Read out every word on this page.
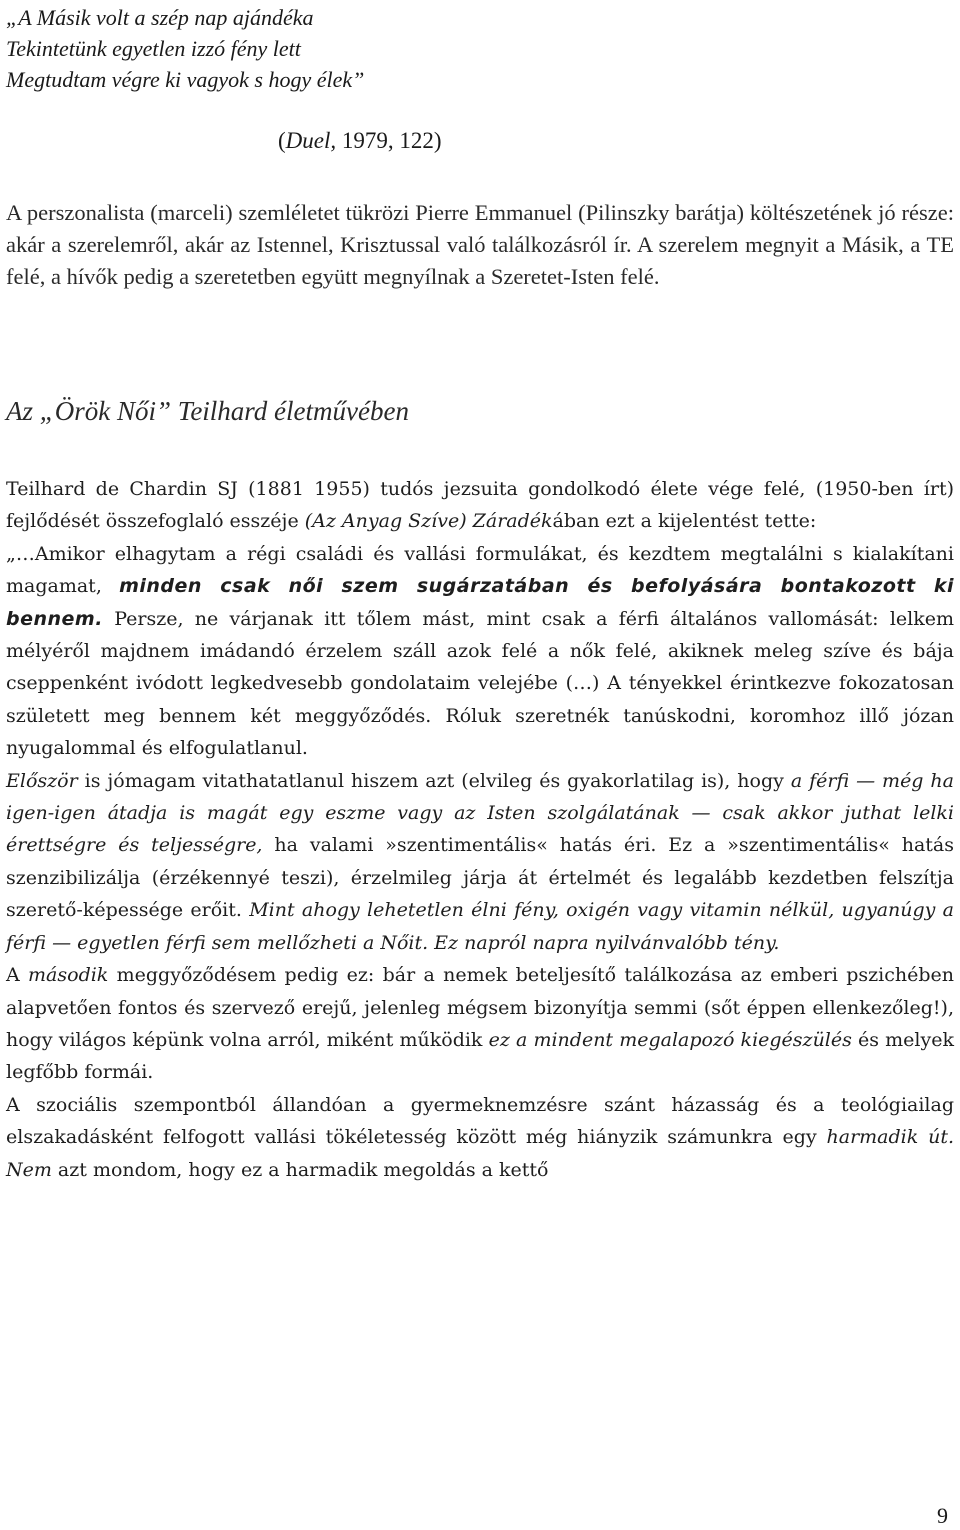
„A Másik volt a szép nap ajándéka
Tekintetünk egyetlen izzó fény lett
Megtudtam végre ki vagyok s hogy élek”
(Duel, 1979, 122)
A perszonalista (marceli) szemléletet tükrözi Pierre Emmanuel (Pilinszky barátja) költészetének jó része: akár a szerelemről, akár az Istennel, Krisztussal való találkozásról ír. A szerelem megnyit a Másik, a TE felé, a hívők pedig a szeretetben együtt megnyílnak a Szeretet-Isten felé.
Az „Örök Női” Teilhard életművében

Teilhard de Chardin SJ (1881 1955) tudós jezsuita gondolkodó élete vége felé, (1950-ben írt) fejlődését összefoglaló esszéje (Az Anyag Szíve) Záradékában ezt a kijelentést tette:

„…Amikor elhagytam a régi családi és vallási formulákat, és kezdtem megtalálni s kialakítani magamat, minden csak női szem sugárzatában és befolyására bontakozott ki bennem. Persze, ne várjanak itt tőlem mást, mint csak a férfi általános vallomását: lelkem mélyéről majdnem imádandó érzelem száll azok felé a nők felé, akiknek meleg szíve és bája cseppenként ivódott legkedvesebb gondolataim velejébe (…) A tényekkel érintkezve fokozatosan született meg bennem két meggyőződés. Róluk szeretnék tanúskodni, koromhoz illő józan nyugalommal és elfogulatlanul.

Először is jómagam vitathatatlanul hiszem azt (elvileg és gyakorlatilag is), hogy a férfi — még ha igen-igen átadja is magát egy eszme vagy az Isten szolgálatának — csak akkor juthat lelki érettségre és teljességre, ha valami »szentimentális« hatás éri. Ez a »szentimentális« hatás szenzibilizálja (érzékennyé teszi), érzelmileg járja át értelmét és legalább kezdetben felszítja szerető-képessége erőit. Mint ahogy lehetetlen élni fény, oxigén vagy vitamin nélkül, ugyanúgy a férfi — egyetlen férfi sem mellőzheti a Nőit. Ez napról napra nyilvánvalóbb tény.

A második meggyőződésem pedig ez: bár a nemek beteljesítő találkozása az emberi pszichében alapvetően fontos és szervező erejű, jelenleg mégsem bizonyítja semmi (sőt éppen ellenkezőleg!), hogy világos képünk volna arról, miként működik ez a mindent megalapozó kiegészülés és melyek legfőbb formái.

A szociális szempontból állandóan a gyermeknemzésre szánt házasság és a teológiailag elszakadásként felfogott vallási tökéletesség között még hiányzik számunkra egy harmadik út. Nem azt mondom, hogy ez a harmadik megoldás a kettő

9
